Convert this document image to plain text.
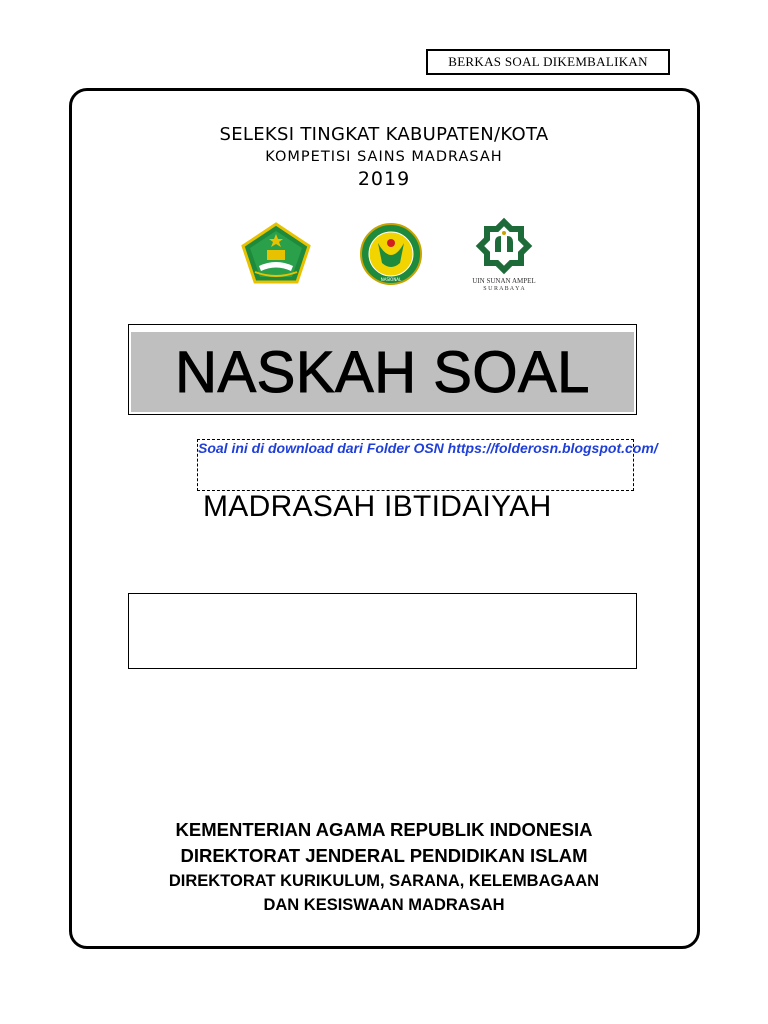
BERKAS SOAL DIKEMBALIKAN
SELEKSI TINGKAT KABUPATEN/KOTA
KOMPETISI SAINS MADRASAH
2019
NASIONAL	UIN SUNAN AMPEL
S U R A B A Y A
NASKAH SOAL
Soal ini di download dari Folder OSN https://folderosn.blogspot.com/
MADRASAH IBTIDAIYAH
KEMENTERIAN AGAMA REPUBLIK INDONESIA
DIREKTORAT JENDERAL PENDIDIKAN ISLAM
DIREKTORAT KURIKULUM, SARANA, KELEMBAGAAN
DAN KESISWAAN MADRASAH
